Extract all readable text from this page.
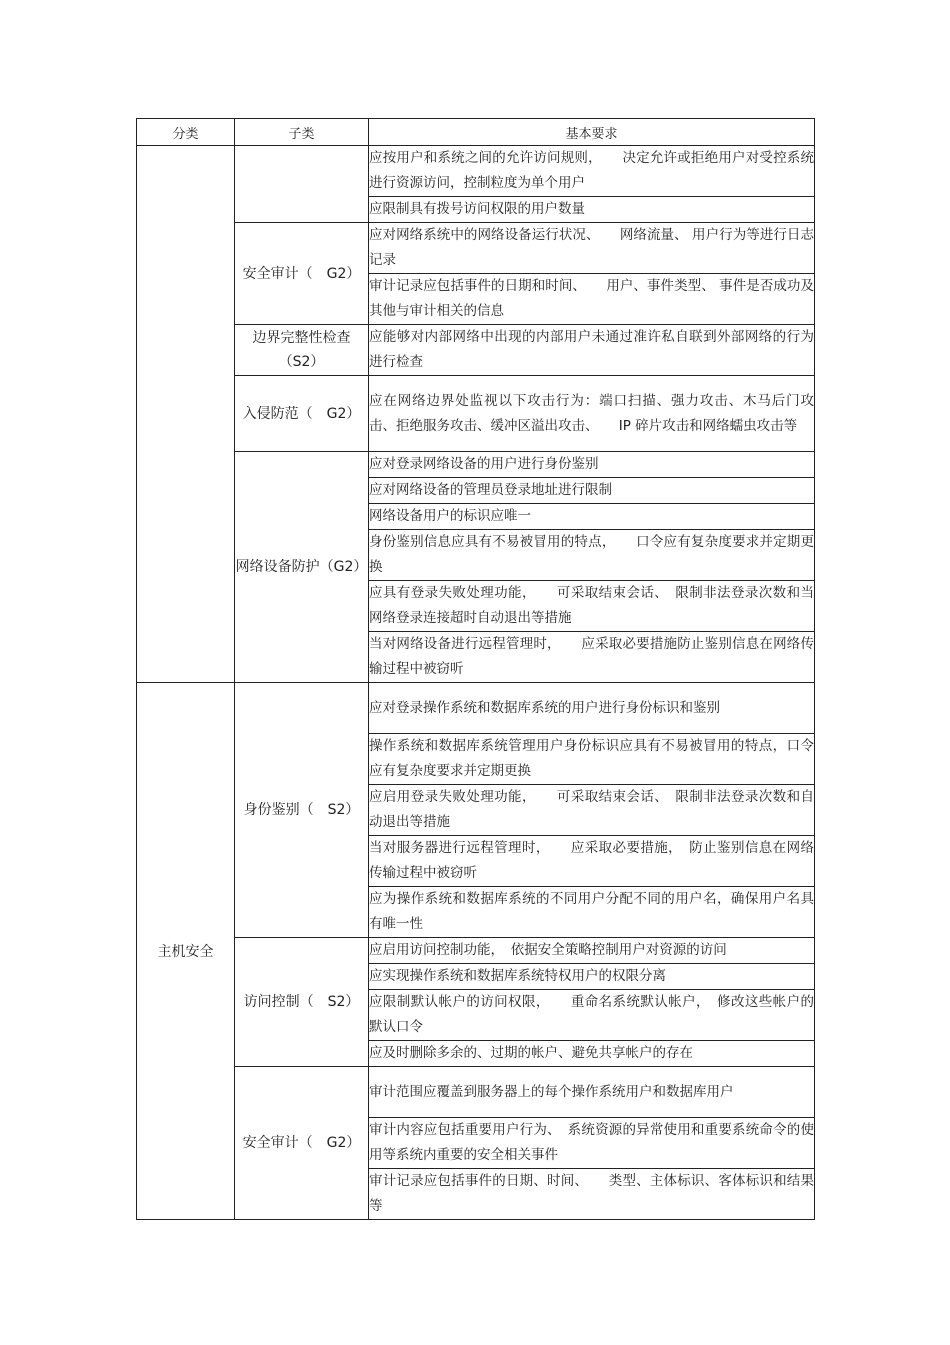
分类	子类	基本要求
		应按用户和系统之间的允许访问规则，　　决定允许或拒绝用户对受控系统进行资源访问，控制粒度为单个用户
		应限制具有拨号访问权限的用户数量
	安全审计（　G2）	应对网络系统中的网络设备运行状况、　　网络流量、 用户行为等进行日志记录
		审计记录应包括事件的日期和时间、　　用户、事件类型、 事件是否成功及其他与审计相关的信息
	边界完整性检查（S2）	应能够对内部网络中出现的内部用户未通过准许私自联到外部网络的行为进行检查
	入侵防范（　G2）	应在网络边界处监视以下攻击行为：端口扫描、强力攻击、木马后门攻击、拒绝服务攻击、缓冲区溢出攻击、　　IP 碎片攻击和网络蠕虫攻击等
	网络设备防护（G2）	应对登录网络设备的用户进行身份鉴别
		应对网络设备的管理员登录地址进行限制
		网络设备用户的标识应唯一
		身份鉴别信息应具有不易被冒用的特点，　　口令应有复杂度要求并定期更换
		应具有登录失败处理功能，　　可采取结束会话、　限制非法登录次数和当网络登录连接超时自动退出等措施
		当对网络设备进行远程管理时，　　应采取必要措施防止鉴别信息在网络传输过程中被窃听
主机安全	身份鉴别（　S2）	应对登录操作系统和数据库系统的用户进行身份标识和鉴别
		操作系统和数据库系统管理用户身份标识应具有不易被冒用的特点，口令应有复杂度要求并定期更换
		应启用登录失败处理功能，　　可采取结束会话、　限制非法登录次数和自动退出等措施
		当对服务器进行远程管理时，　　应采取必要措施，　防止鉴别信息在网络传输过程中被窃听
		应为操作系统和数据库系统的不同用户分配不同的用户名，确保用户名具有唯一性
	访问控制（　S2）	应启用访问控制功能，　依据安全策略控制用户对资源的访问
		应实现操作系统和数据库系统特权用户的权限分离
		应限制默认帐户的访问权限，　　重命名系统默认帐户，　修改这些帐户的默认口令
		应及时删除多余的、过期的帐户、避免共享帐户的存在
	安全审计（　G2）	审计范围应覆盖到服务器上的每个操作系统用户和数据库用户
		审计内容应包括重要用户行为、　系统资源的异常使用和重要系统命令的使用等系统内重要的安全相关事件
		审计记录应包括事件的日期、时间、　　类型、主体标识、客体标识和结果等
